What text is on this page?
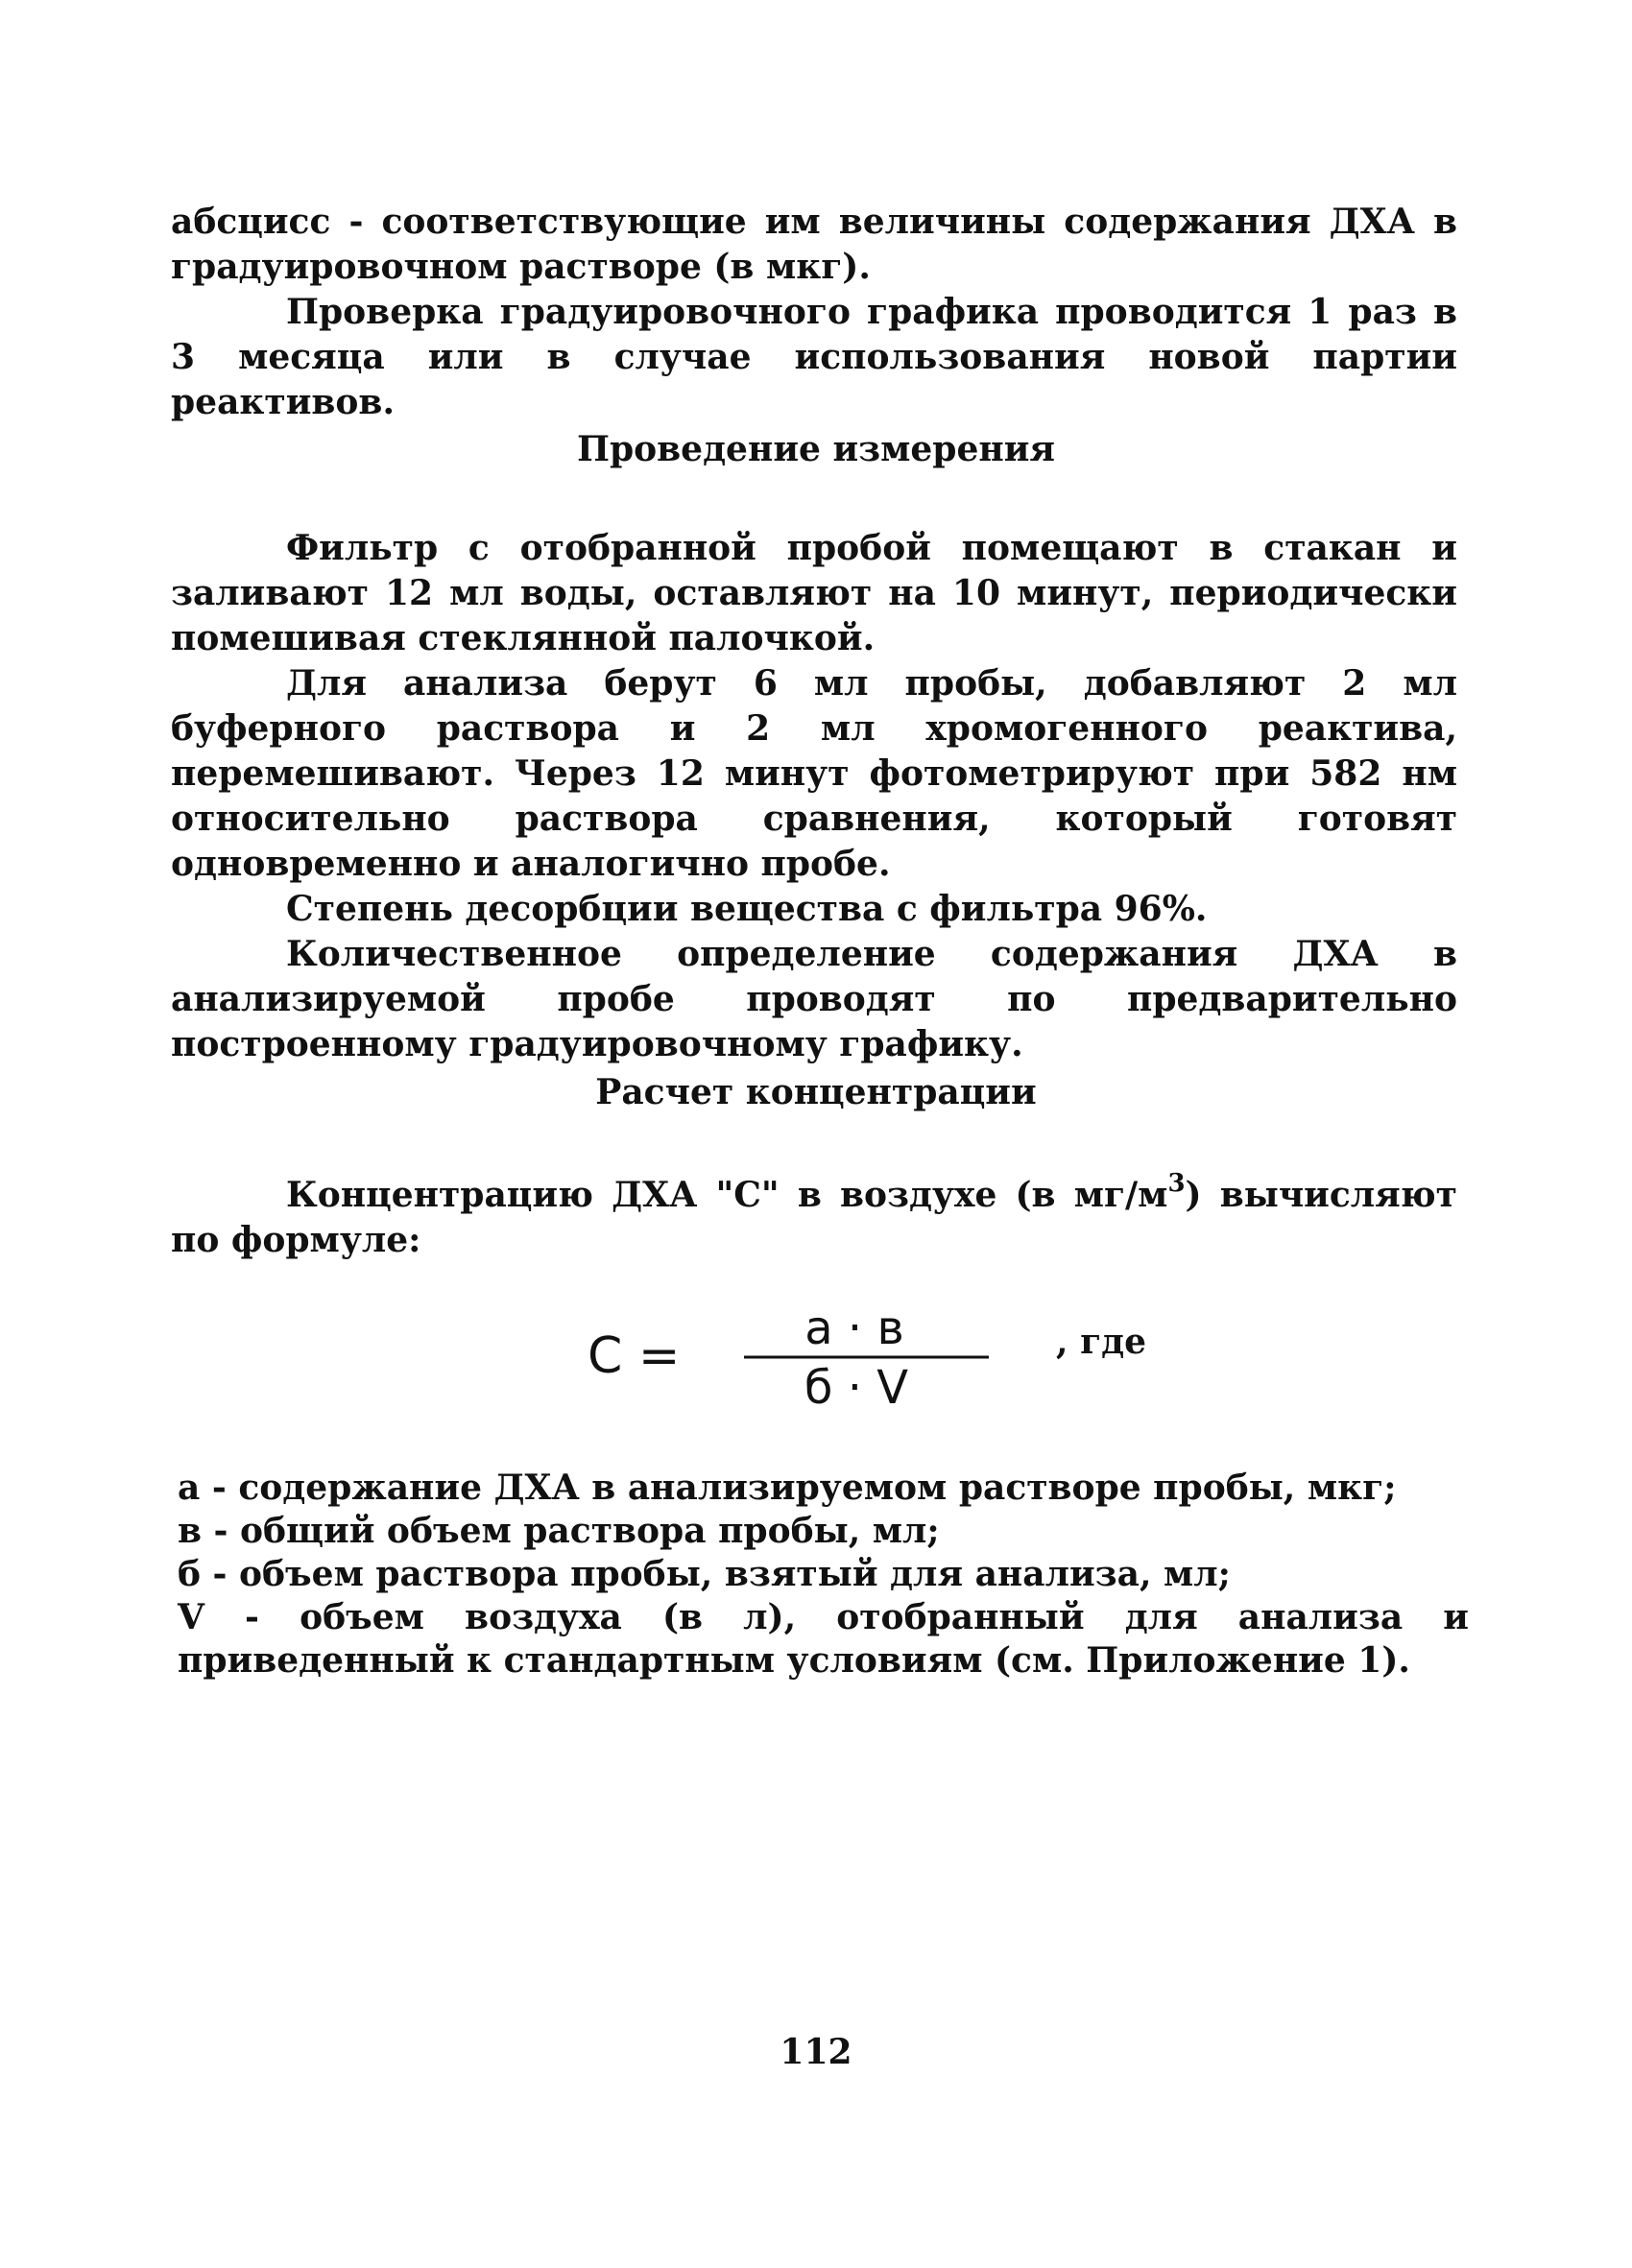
абсцисс - соответствующие им величины содержания ДХА в градуировочном растворе (в мкг).

Проверка градуировочного графика проводится 1 раз в 3 месяца или в случае использования новой партии реактивов.

Проведение измерения

Фильтр с отобранной пробой помещают в стакан и заливают 12 мл воды, оставляют на 10 минут, периодически помешивая стеклянной палочкой.

Для анализа берут 6 мл пробы, добавляют 2 мл буферного раствора и 2 мл хромогенного реактива, перемешивают. Через 12 минут фотометрируют при 582 нм относительно раствора сравнения, который готовят одновременно и аналогично пробе.

Степень десорбции вещества с фильтра 96%.

Количественное определение содержания ДХА в анализируемой пробе проводят по предварительно построенному градуировочному графику.

Расчет концентрации

Концентрацию ДХА "С" в воздухе (в $мг/м^3$) вычисляют по формуле:

C =	a · в
б · V
, где

а - содержание ДХА в анализируемом растворе пробы, мкг;

в - общий объем раствора пробы, мл;

б - объем раствора пробы, взятый для анализа, мл;

V - объем воздуха (в л), отобранный для анализа и приведенный к стандартным условиям (см. Приложение 1).

112
